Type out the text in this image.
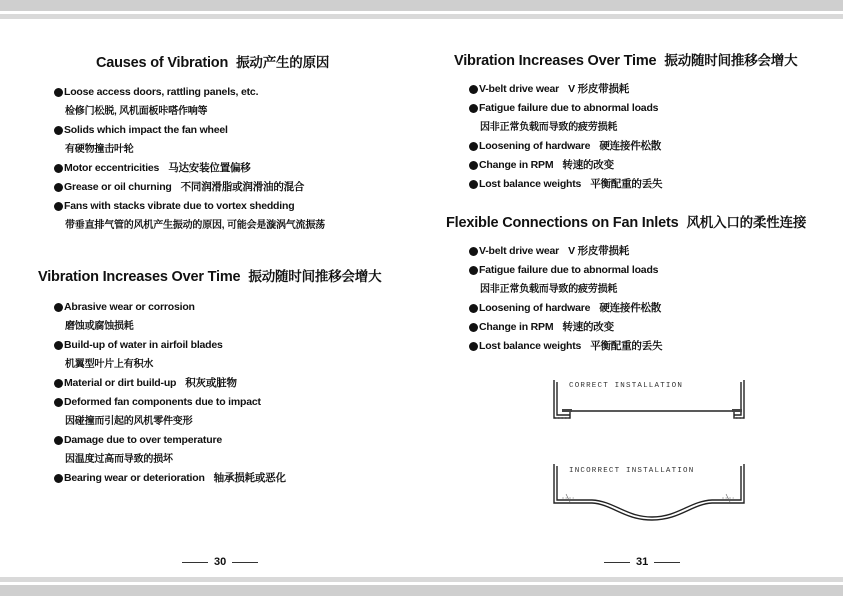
Causes of Vibration 振动产生的原因
Loose access doors, rattling panels, etc.
检修门松脱, 风机面板咔嗒作响等
Solids which impact the fan wheel
有硬物撞击叶轮
Motor eccentricities 马达安装位置偏移
Grease or oil churning 不同润滑脂或润滑油的混合
Fans with stacks vibrate due to vortex shedding
带垂直排气管的风机产生振动的原因, 可能会是漩涡气流振荡
Vibration Increases Over Time 振动随时间推移会增大
Abrasive wear or corrosion
磨蚀或腐蚀损耗
Build-up of water in airfoil blades
机翼型叶片上有积水
Material or dirt build-up 积灰或脏物
Deformed fan components due to impact
因碰撞而引起的风机零件变形
Damage due to over temperature
因温度过高而导致的损坏
Bearing wear or deterioration 轴承损耗或恶化
30
Vibration Increases Over Time 振动随时间推移会增大
V-belt drive wear V 形皮带损耗
Fatigue failure due to abnormal loads
因非正常负载而导致的疲劳损耗
Loosening of hardware 硬连接件松散
Change in RPM 转速的改变
Lost balance weights 平衡配重的丢失
Flexible Connections on Fan Inlets 风机入口的柔性连接
V-belt drive wear V 形皮带损耗
Fatigue failure due to abnormal loads
因非正常负载而导致的疲劳损耗
Loosening of hardware 硬连接件松散
Change in RPM 转速的改变
Lost balance weights 平衡配重的丢失
CORRECT INSTALLATION
INCORRECT INSTALLATION
31
